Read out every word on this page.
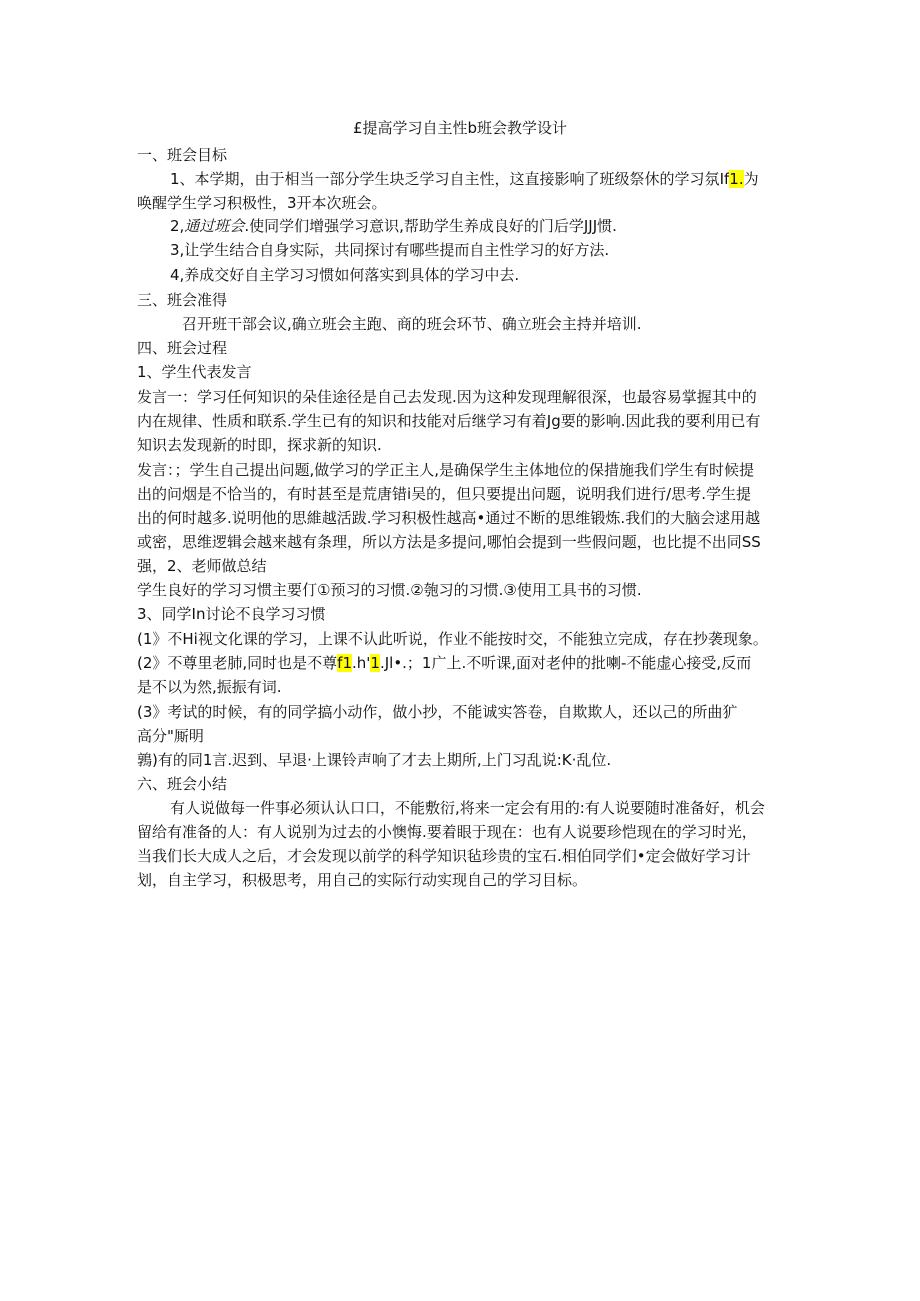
£提高学习自主性b班会教学设计
一、班会目标
1、本学期，由于相当一部分学生块乏学习自主性，这直接影响了班级祭休的学习氛If1.为
唤醒学生学习积极性，3开本次班会。
2,通过班会.使同学们增强学习意识,帮助学生养成良好的门后学JJJ惯.
3,让学生结合自身实际，共同探讨有哪些提而自主性学习的好方法.
4,养成交好自主学习习惯如何落实到具体的学习中去.
三、班会准得
召开班干部会议,确立班会主跑、商的班会环节、确立班会主持并培训.
四、班会过程
1、学生代表发言
发言一：学习任何知识的朵佳途径是自己去发现.因为这种发现理解很深，也最容易掌握其中的
内在规律、性质和联系.学生已有的知识和技能对后继学习有着Jg要的影响.因此我的要利用已有
知识去发现新的时即，探求新的知识.
发言：；学生自己提出问题,做学习的学正主人,是确保学生主体地位的保措施我们学生有时候提
出的问烟是不恰当的，有时甚至是荒唐错i吴的，但只要提出问题，说明我们进行/思考.学生提
出的何时越多.说明他的思維越活跋.学习积极性越高•通过不断的思维锻炼.我们的大脑会逑用越
或密，思维逻辑会越来越有条理，所以方法是多提问,哪怕会提到一些假问题，也比提不出同SS
强，2、老师做总结
学生良好的学习习惯主要仃①预习的习惯.②匏习的习惯.③使用工具书的习惯.
3、同学In讨论不良学习习惯
(1》不Hi视文化课的学习，上课不认此听说，作业不能按时交，不能独立完成，存在抄袭现象。
(2》不尊里老肺,同时也是不尊f1.h'1.Jl•.；1广上.不听课,面对老仲的批喇-不能虚心接受,反而
是不以为然,振振有词.
(3》考试的时候，有的同学搞小动作，做小抄，不能诚实答卷，自欺欺人，还以己的所曲犷
高分"厮明
鶉)有的同1言.迟到、早退·上课铃声响了才去上期所,上门习乱说:K·乱位.
六、班会小结
有人说做每一件事必须认认口口，不能敷衍,将来一定会有用的:有人说要随时准备好，机会
留给有准备的人：有人说别为过去的小懊悔.要着眼于现在：也有人说要珍恺现在的学习时光，
当我们长大成人之后，才会发现以前学的科学知识毡珍贵的宝石.相伯同学们•定会做好学习计
划，自主学习，积极思考，用自己的实际行动实现自己的学习目标。
